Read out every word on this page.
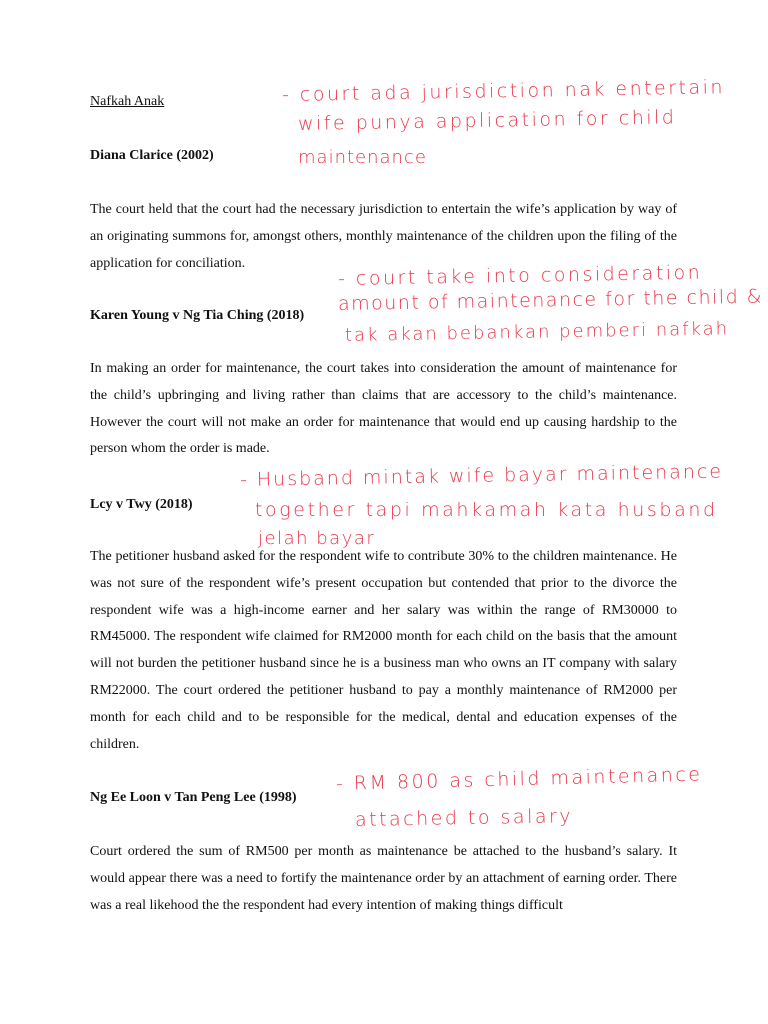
Nafkah Anak
Diana Clarice (2002)

The court held that the court had the necessary jurisdiction to entertain the wife’s application by way of an originating summons for, amongst others, monthly maintenance of the children upon the filing of the application for conciliation.

Karen Young v Ng Tia Ching (2018)

In making an order for maintenance, the court takes into consideration the amount of maintenance for the child’s upbringing and living rather than claims that are accessory to the child’s maintenance. However the court will not make an order for maintenance that would end up causing hardship to the person whom the order is made.

Lcy v Twy (2018)

The petitioner husband asked for the respondent wife to contribute 30% to the children maintenance. He was not sure of the respondent wife’s present occupation but contended that prior to the divorce the respondent wife was a high-income earner and her salary was within the range of RM30000 to RM45000. The respondent wife claimed for RM2000 month for each child on the basis that the amount will not burden the petitioner husband since he is a business man who owns an IT company with salary RM22000. The court ordered the petitioner husband to pay a monthly maintenance of RM2000 per month for each child and to be responsible for the medical, dental and education expenses of the children.

Ng Ee Loon v Tan Peng Lee (1998)

Court ordered the sum of RM500 per month as maintenance be attached to the husband’s salary. It would appear there was a need to fortify the maintenance order by an attachment of earning order. There was a real likehood the the respondent had every intention of making things difficult

- court ada jurisdiction nak entertain
wife punya application for child
maintenance
- court take into consideration
amount of maintenance for the child &
tak akan bebankan pemberi nafkah
- Husband mintak wife bayar maintenance
together tapi mahkamah kata husband
jelah bayar
- RM 800 as child maintenance
attached to salary
